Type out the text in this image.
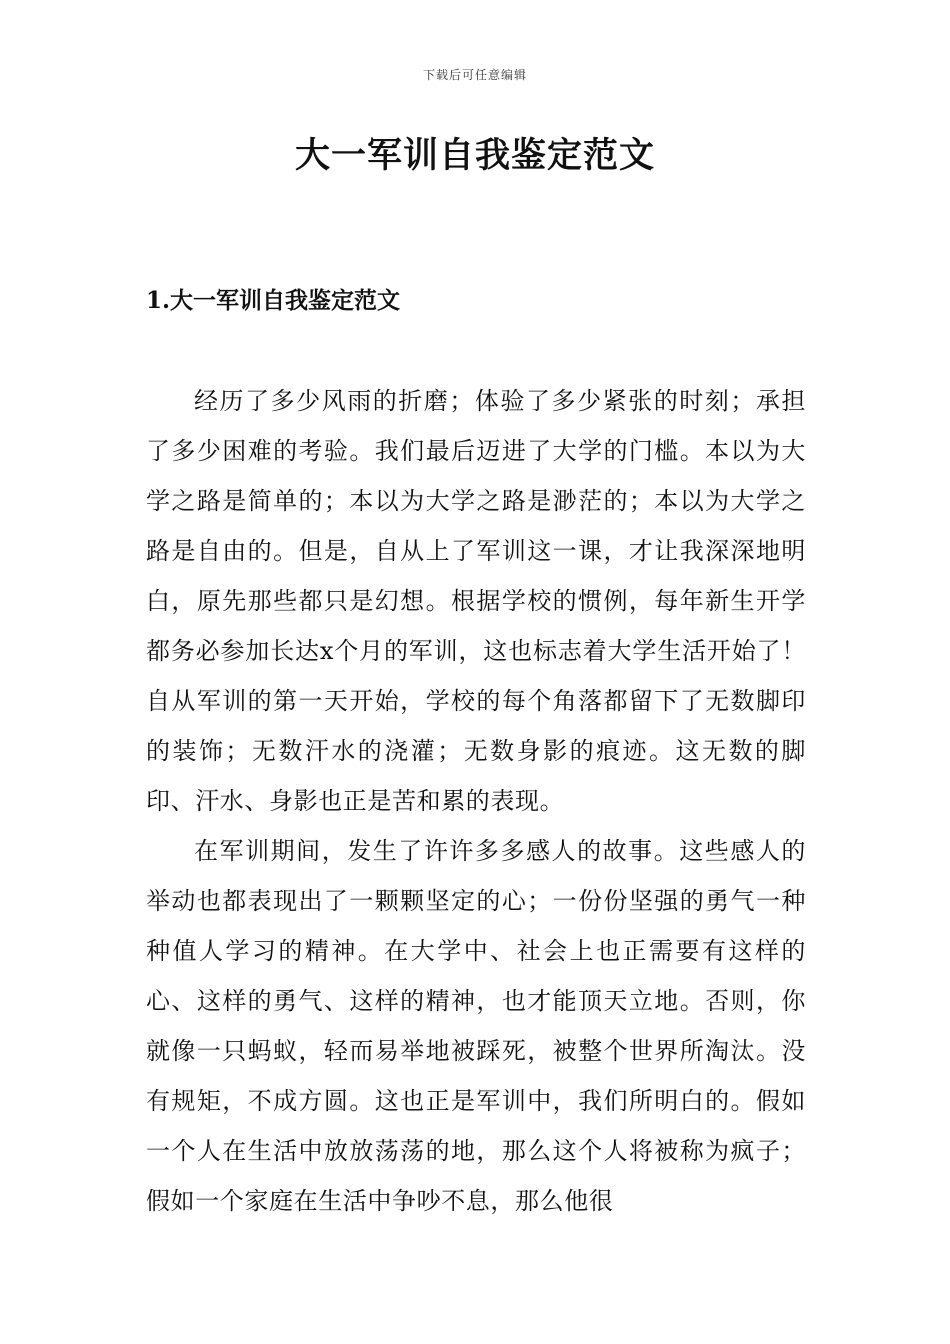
下载后可任意编辑
大一军训自我鉴定范文
1.大一军训自我鉴定范文

经历了多少风雨的折磨；体验了多少紧张的时刻；承担了多少困难的考验。我们最后迈进了大学的门槛。本以为大学之路是简单的；本以为大学之路是渺茫的；本以为大学之路是自由的。但是，自从上了军训这一课，才让我深深地明白，原先那些都只是幻想。根据学校的惯例，每年新生开学都务必参加长达x个月的军训，这也标志着大学生活开始了！自从军训的第一天开始，学校的每个角落都留下了无数脚印的装饰；无数汗水的浇灌；无数身影的痕迹。这无数的脚印、汗水、身影也正是苦和累的表现。

在军训期间，发生了许许多多感人的故事。这些感人的举动也都表现出了一颗颗坚定的心；一份份坚强的勇气一种种值人学习的精神。在大学中、社会上也正需要有这样的心、这样的勇气、这样的精神，也才能顶天立地。否则，你就像一只蚂蚁，轻而易举地被踩死，被整个世界所淘汰。没有规矩，不成方圆。这也正是军训中，我们所明白的。假如一个人在生活中放放荡荡的地，那么这个人将被称为疯子；假如一个家庭在生活中争吵不息，那么他很
